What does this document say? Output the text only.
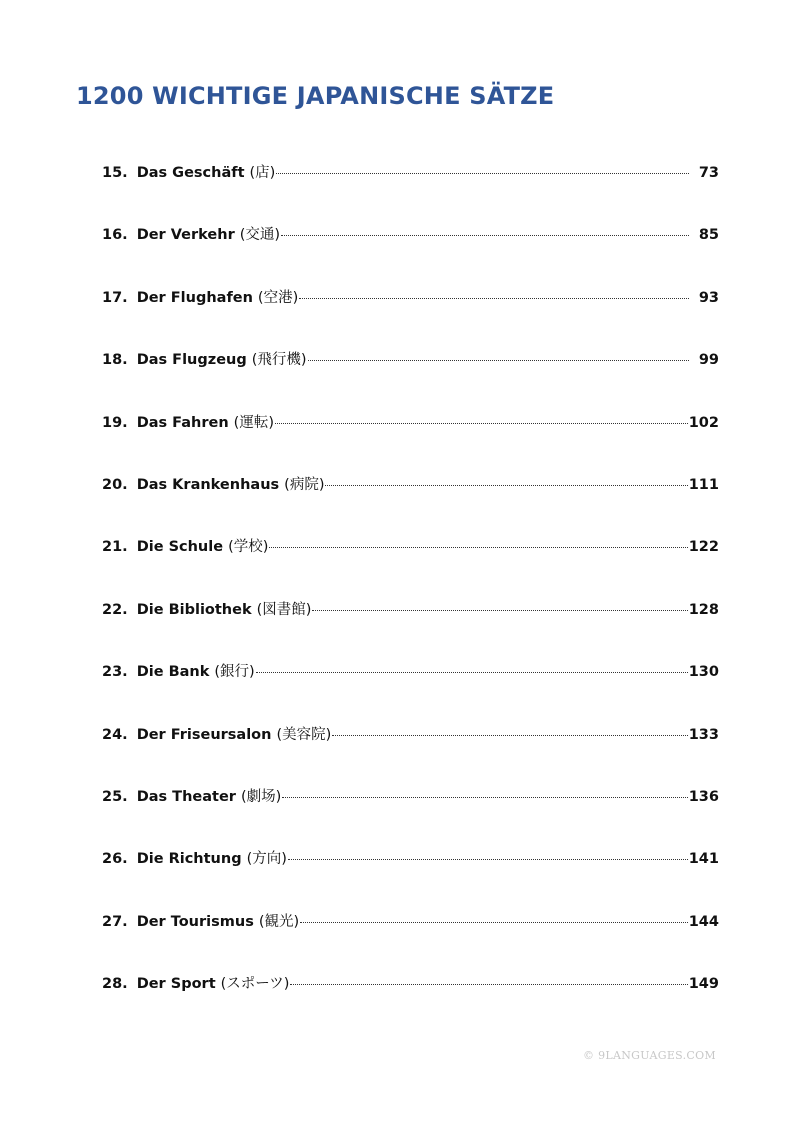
1200 WICHTIGE JAPANISCHE SÄTZE
15. Das Geschäft (店)	73
16. Der Verkehr (交通)	85
17. Der Flughafen (空港)	93
18. Das Flugzeug (飛行機)	99
19. Das Fahren (運転)	102
20. Das Krankenhaus (病院)	111
21. Die Schule (学校)	122
22. Die Bibliothek (図書館)	128
23. Die Bank (銀行)	130
24. Der Friseursalon (美容院)	133
25. Das Theater (劇场)	136
26. Die Richtung (方向)	141
27. Der Tourismus (観光)	144
28. Der Sport (スポーツ)	149
© 9LANGUAGES.COM
